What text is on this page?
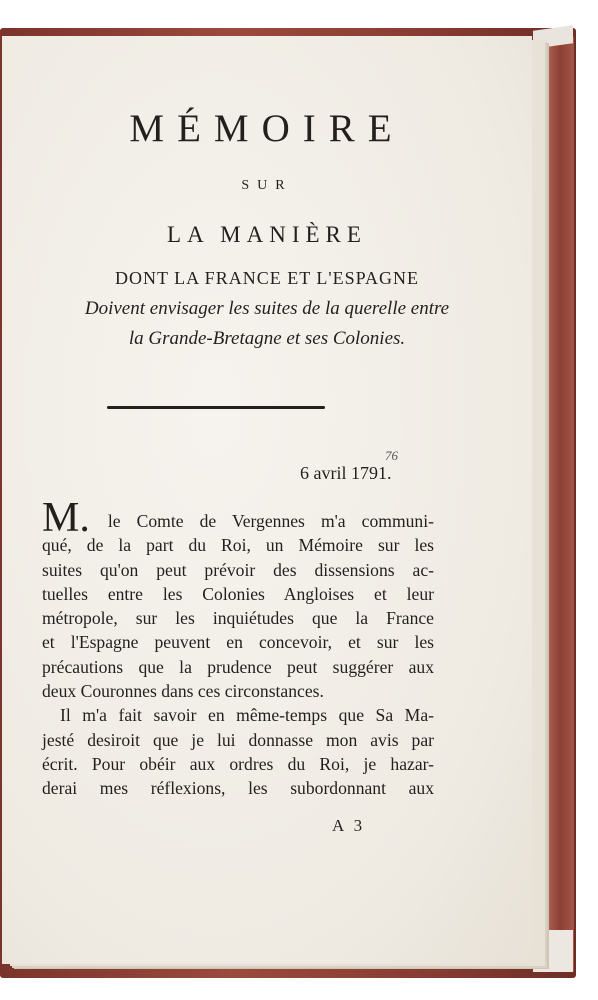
MÉMOIRE
SUR
LA MANIÈRE
DONT LA FRANCE ET L'ESPAGNE
Doivent envisager les suites de la querelle entre
la Grande-Bretagne et ses Colonies.
76
6 avril 1791.
M. le Comte de Vergennes m'a communi-
qué, de la part du Roi, un Mémoire sur les
suites qu'on peut prévoir des dissensions ac-
tuelles entre les Colonies Angloises et leur
métropole, sur les inquiétudes que la France
et l'Espagne peuvent en concevoir, et sur les
précautions que la prudence peut suggérer aux
deux Couronnes dans ces circonstances.
Il m'a fait savoir en même-temps que Sa Ma-
jesté desiroit que je lui donnasse mon avis par
écrit. Pour obéir aux ordres du Roi, je hazar-
derai mes réflexions, les subordonnant aux
A 3
